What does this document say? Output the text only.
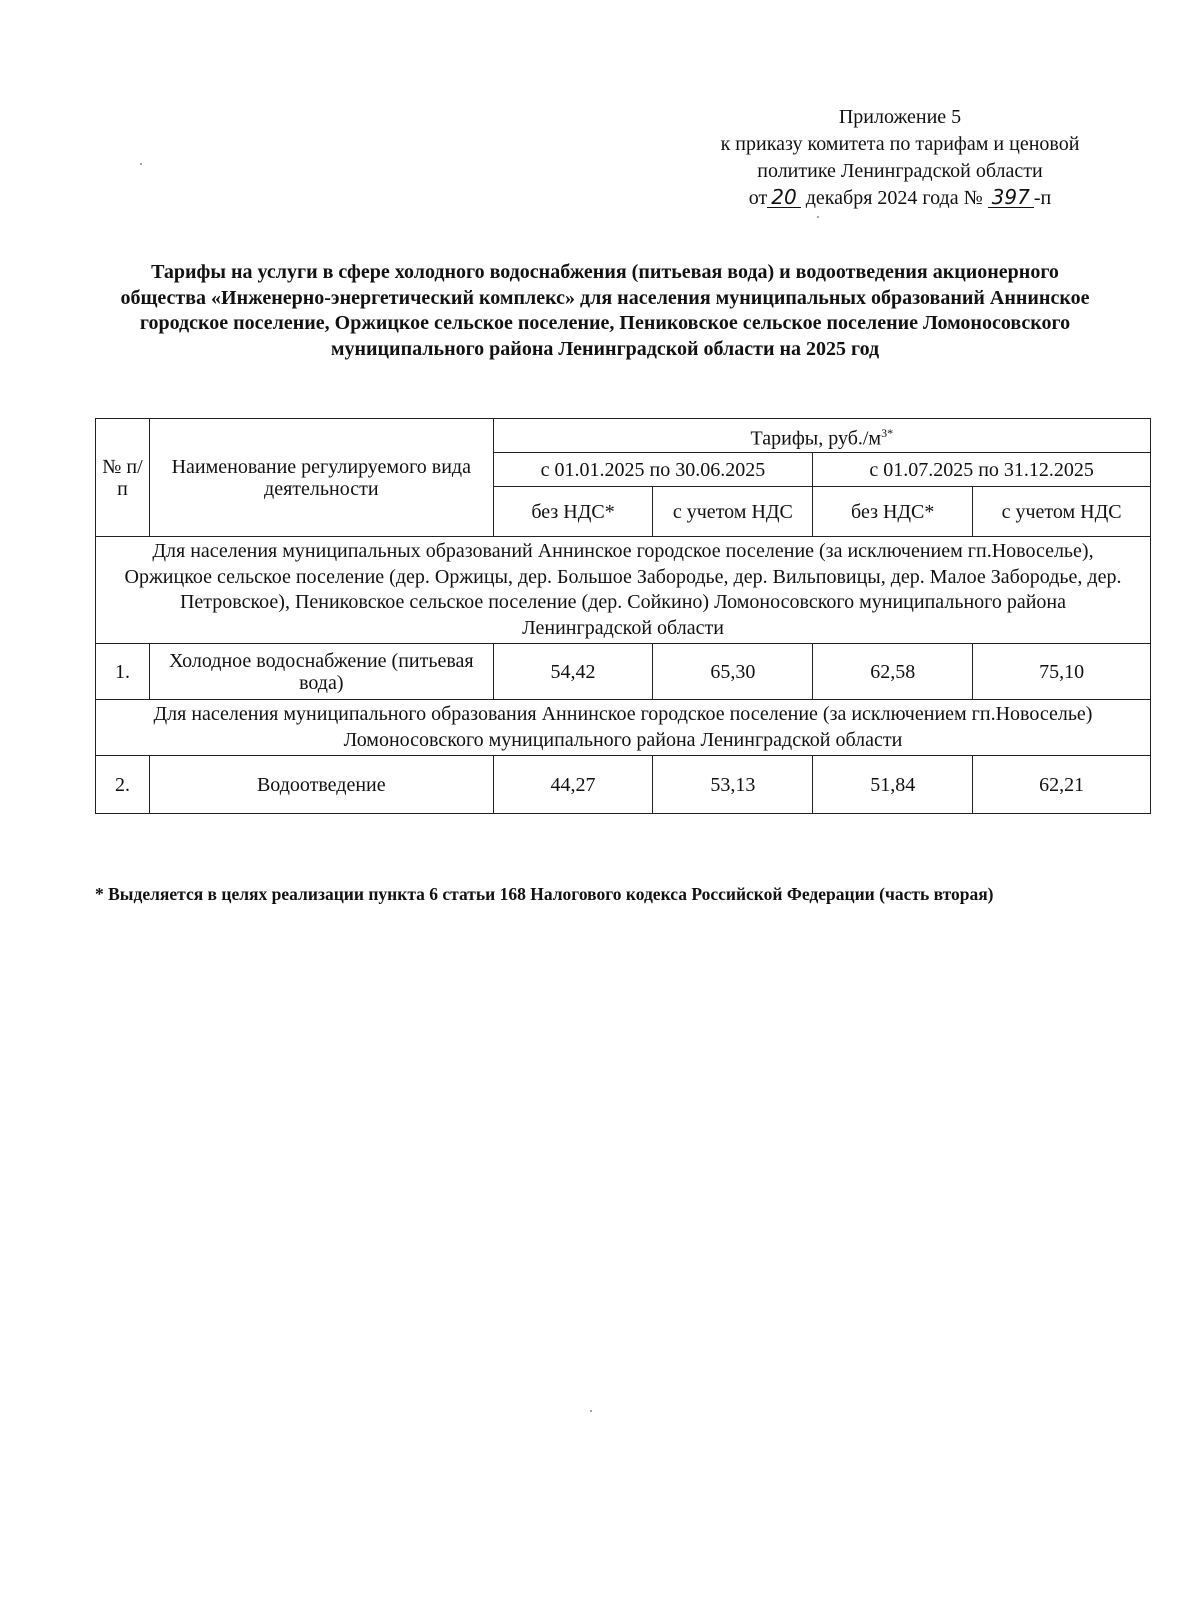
Приложение 5
к приказу комитета по тарифам и ценовой
политике Ленинградской области
от 20 декабря 2024 года № 397 -п
Тарифы на услуги в сфере холодного водоснабжения (питьевая вода) и водоотведения акционерного общества «Инженерно-энергетический комплекс» для населения муниципальных образований Аннинское городское поселение, Оржицкое сельское поселение, Пениковское сельское поселение Ломоносовского муниципального района Ленинградской области на 2025 год
№ п/п	Наименование регулируемого вида деятельности	Тарифы, $руб./м^{3*}$
		с 01.01.2025 по 30.06.2025		с 01.07.2025 по 31.12.2025	
		без НДС*	с учетом НДС	без НДС*	с учетом НДС
Для населения муниципальных образований Аннинское городское поселение (за исключением гп.Новоселье), Оржицкое сельское поселение (дер. Оржицы, дер. Большое Забородье, дер. Вильповицы, дер. Малое Забородье, дер. Петровское), Пениковское сельское поселение (дер. Сойкино) Ломоносовского муниципального района Ленинградской области					
1.	Холодное водоснабжение (питьевая вода)	54,42	65,30	62,58	75,10
Для населения муниципального образования Аннинское городское поселение (за исключением гп.Новоселье) Ломоносовского муниципального района Ленинградской области					
2.	Водоотведение	44,27	53,13	51,84	62,21
* Выделяется в целях реализации пункта 6 статьи 168 Налогового кодекса Российской Федерации (часть вторая)
